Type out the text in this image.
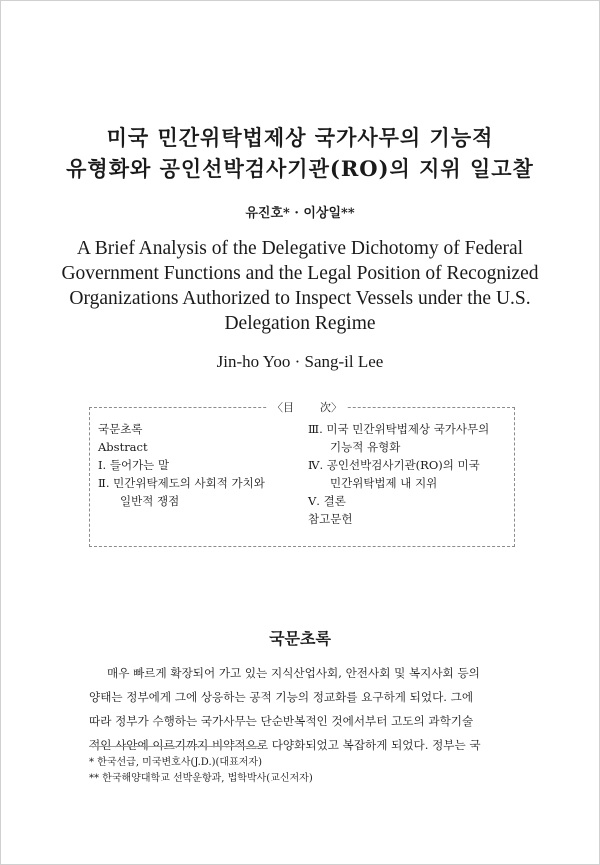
미국 민간위탁법제상 국가사무의 기능적
유형화와 공인선박검사기관(RO)의 지위 일고찰
유진호* · 이상일**
A Brief Analysis of the Delegative Dichotomy of Federal
Government Functions and the Legal Position of Recognized
Organizations Authorized to Inspect Vessels under the U.S.
Delegation Regime
Jin-ho Yoo · Sang-il Lee
〈目 次〉
국문초록
Abstract
Ⅰ. 들어가는 말
Ⅱ. 민간위탁제도의 사회적 가치와
일반적 쟁점
Ⅲ. 미국 민간위탁법제상 국가사무의
기능적 유형화
Ⅳ. 공인선박검사기관(RO)의 미국
민간위탁법제 내 지위
Ⅴ. 결론
참고문헌
국문초록
매우 빠르게 확장되어 가고 있는 지식산업사회, 안전사회 및 복지사회 등의
양태는 정부에게 그에 상응하는 공적 기능의 정교화를 요구하게 되었다. 그에
따라 정부가 수행하는 국가사무는 단순반복적인 것에서부터 고도의 과학기술
적인 사안에 이르기까지 비약적으로 다양화되었고 복잡하게 되었다. 정부는 국
* 한국선급, 미국변호사(J.D.)(대표저자)
** 한국해양대학교 선박운항과, 법학박사(교신저자)
